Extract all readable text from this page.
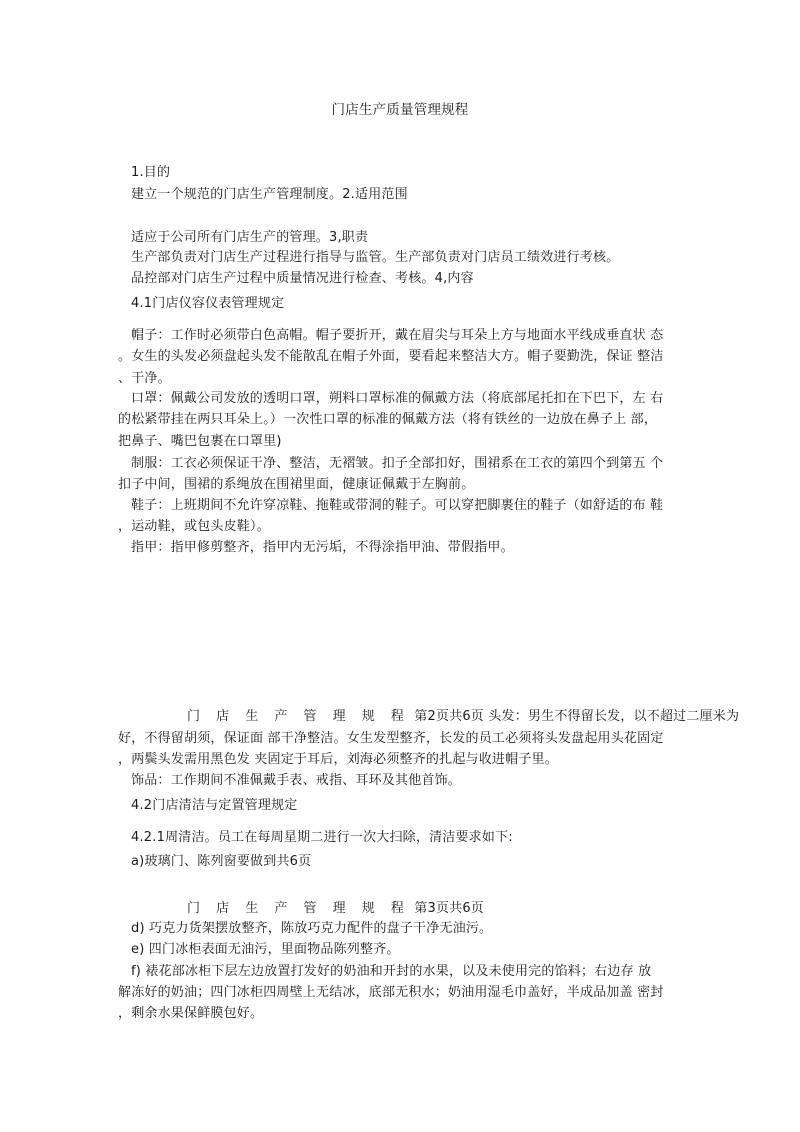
门店生产质量管理规程
1.目的
建立一个规范的门店生产管理制度。2.适用范围
适应于公司所有门店生产的管理。3,职责
生产部负责对门店生产过程进行指导与监管。生产部负责对门店员工绩效进行考核。
品控部对门店生产过程中质量情况进行检查、考核。4,内容
4.1门店仪容仪表管理规定
帽子：工作时必须带白色高帽。帽子要折开，戴在眉尖与耳朵上方与地面水平线成垂直状 态
。女生的头发必须盘起头发不能散乱在帽子外面，要看起来整洁大方。帽子要勤洗，保证 整洁
、干净。
口罩：佩戴公司发放的透明口罩，朔料口罩标准的佩戴方法（将底部尾托扣在下巴下，左 右
的松紧带挂在两只耳朵上。）一次性口罩的标准的佩戴方法（将有铁丝的一边放在鼻子上 部，
把鼻子、嘴巴包裹在口罩里)
制服：工衣必须保证干净、整洁，无褶皱。扣子全部扣好，围裙系在工衣的第四个到第五 个
扣子中间，围裙的系绳放在围裙里面，健康证佩戴于左胸前。
鞋子：上班期间不允许穿凉鞋、拖鞋或带洞的鞋子。可以穿把脚裹住的鞋子（如舒适的布 鞋
，运动鞋，或包头皮鞋）。
指甲：指甲修剪整齐，指甲内无污垢，不得涂指甲油、带假指甲。
门 店 生 产 管 理 规 程 第2页共6页 头发：男生不得留长发，以不超过二厘米为
好，不得留胡须，保证面 部干净整洁。女生发型整齐，长发的员工必须将头发盘起用头花固定
，两鬓头发需用黑色发 夹固定于耳后，刘海必须整齐的扎起与收进帽子里。
饰品：工作期间不准佩戴手表、戒指、耳环及其他首饰。
4.2门店清洁与定置管理规定
4.2.1周清洁。员工在每周星期二进行一次大扫除，清洁要求如下:
a)玻璃门、陈列窗要做到共6页
门 店 生 产 管 理 规 程 第3页共6页
d) 巧克力货架摆放整齐，陈放巧克力配件的盘子干净无油污。
e) 四门冰柜表面无油污，里面物品陈列整齐。
f) 裱花部冰柜下层左边放置打发好的奶油和开封的水果，以及未使用完的馅料；右边存 放
解冻好的奶油；四门冰柜四周壁上无结冰，底部无积水；奶油用湿毛巾盖好，半成品加盖 密封
，剩余水果保鲜膜包好。
